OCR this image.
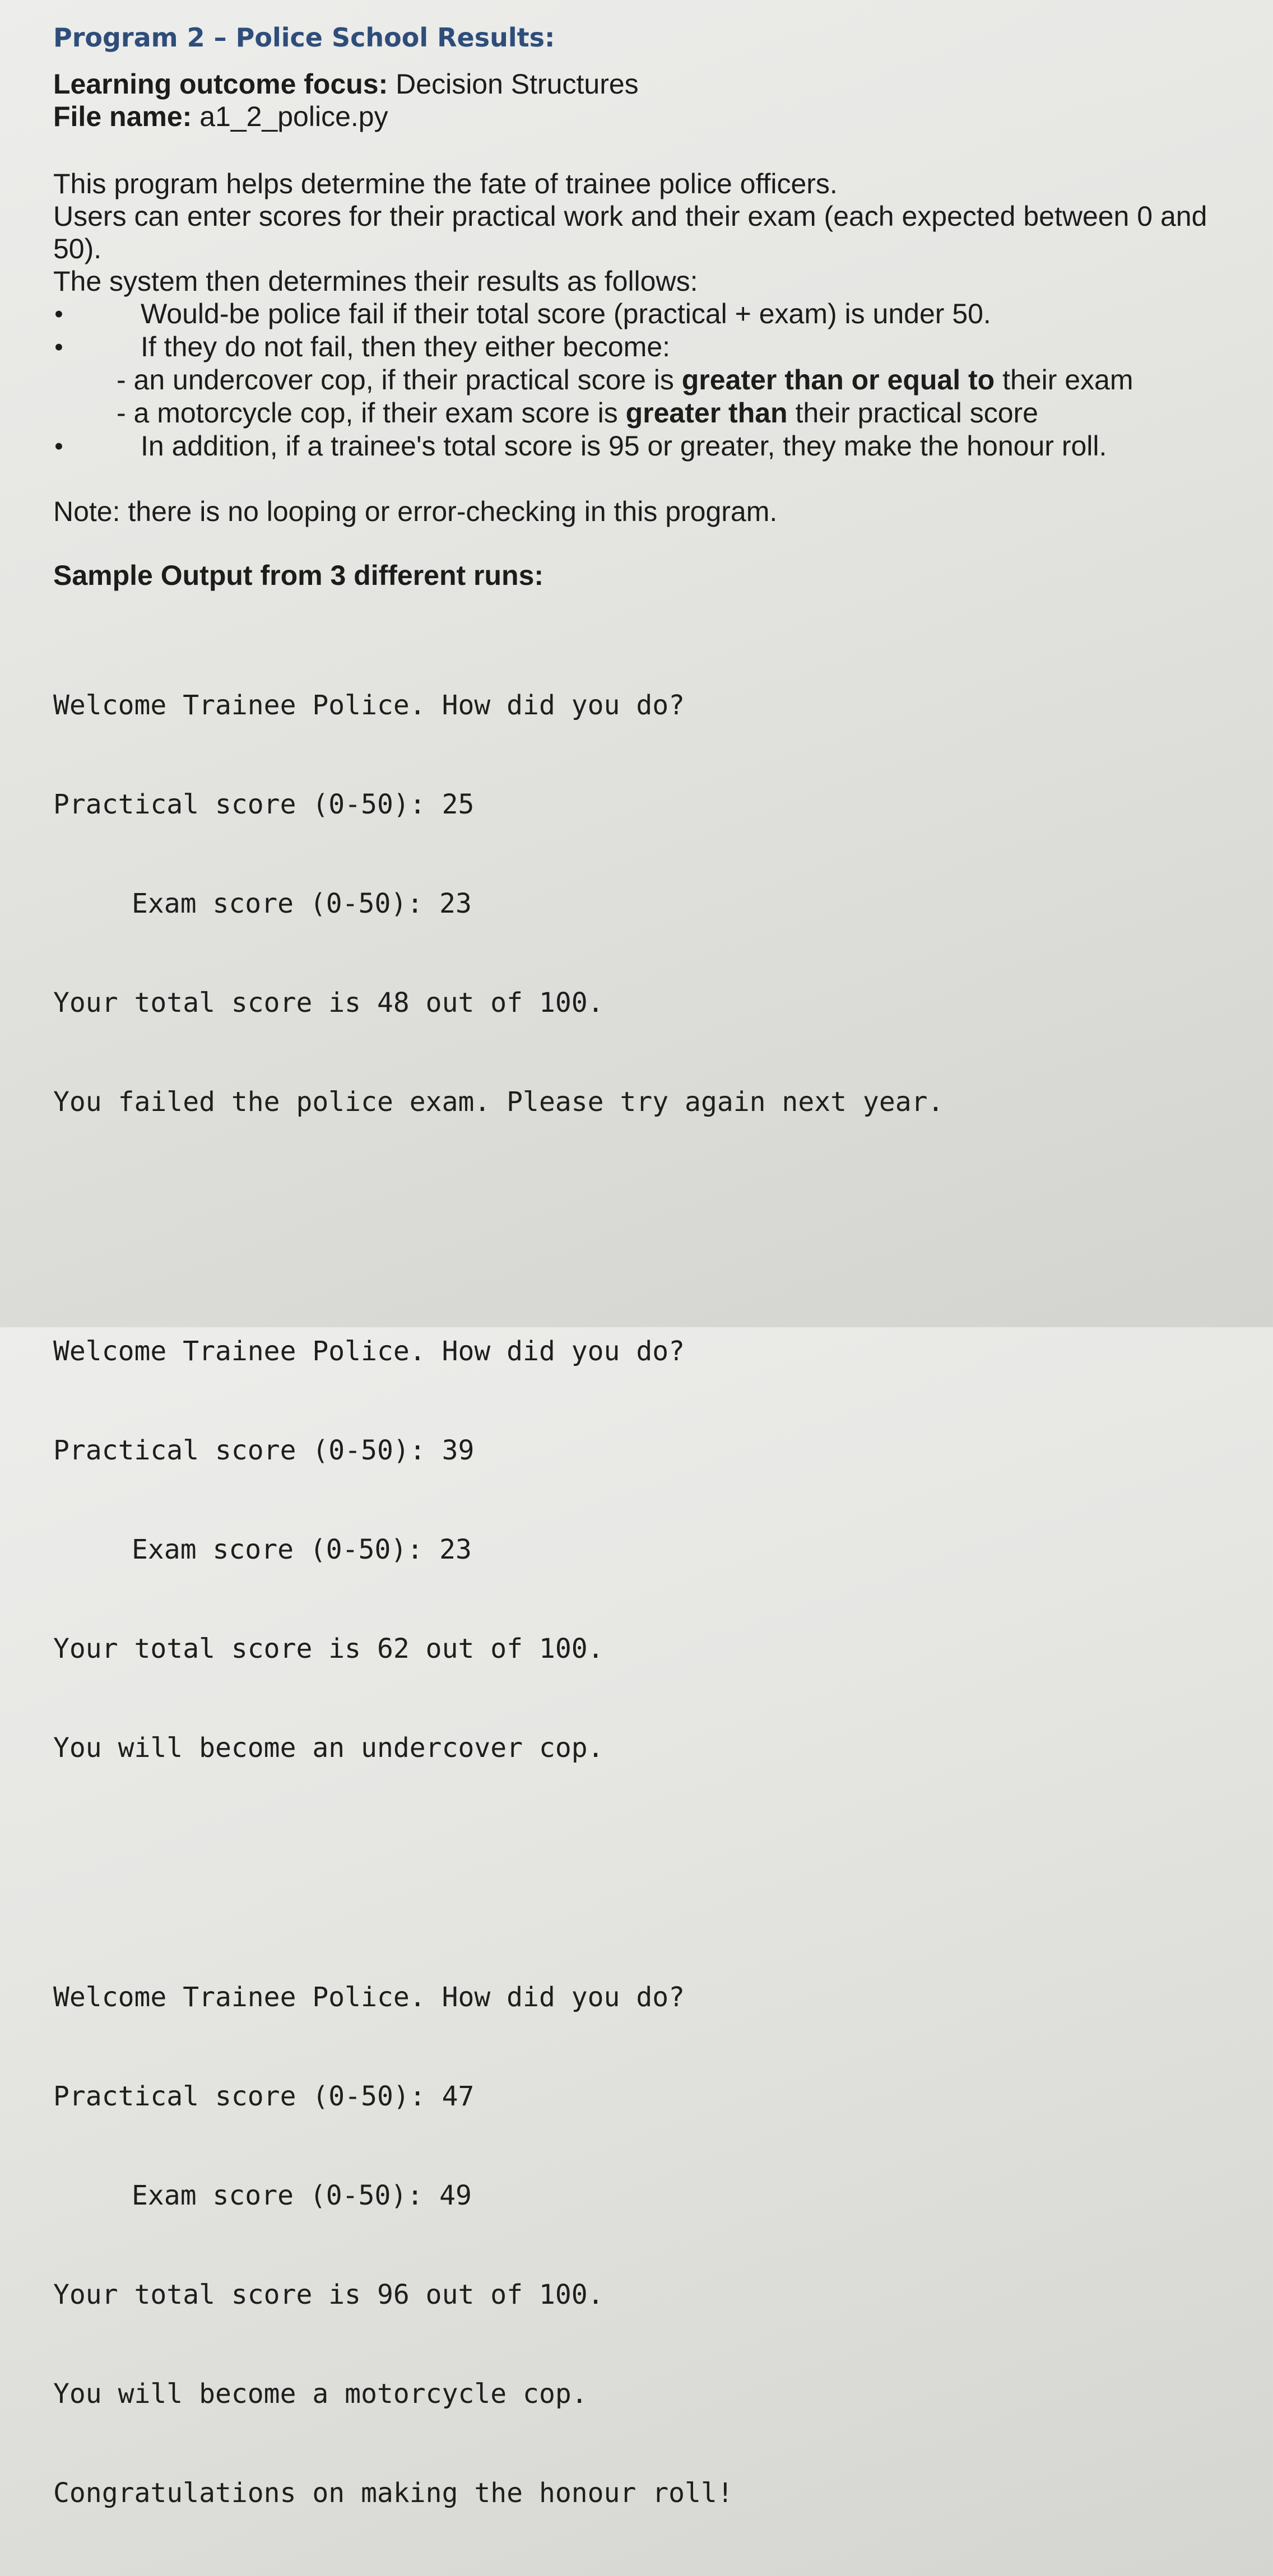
Program 2 – Police School Results:

Learning outcome focus: Decision Structures

File name: a1_2_police.py

This program helps determine the fate of trainee police officers.

Users can enter scores for their practical work and their exam (each expected between 0 and 50).

The system then determines their results as follows:

•	Would-be police fail if their total score (practical + exam) is under 50.
•	If they do not fail, then they either become:
- an undercover cop, if their practical score is greater than or equal to their exam
- a motorcycle cop, if their exam score is greater than their practical score
•	In addition, if a trainee's total score is 95 or greater, they make the honour roll.

Note: there is no looping or error-checking in this program.

Sample Output from 3 different runs:

Welcome Trainee Police. How did you do?

Practical score (0-50): 25

Exam score (0-50): 23

Your total score is 48 out of 100.

You failed the police exam. Please try again next year.

Welcome Trainee Police. How did you do?

Practical score (0-50): 39

Exam score (0-50): 23

Your total score is 62 out of 100.

You will become an undercover cop.

Welcome Trainee Police. How did you do?

Practical score (0-50): 47

Exam score (0-50): 49

Your total score is 96 out of 100.

You will become a motorcycle cop.

Congratulations on making the honour roll!
